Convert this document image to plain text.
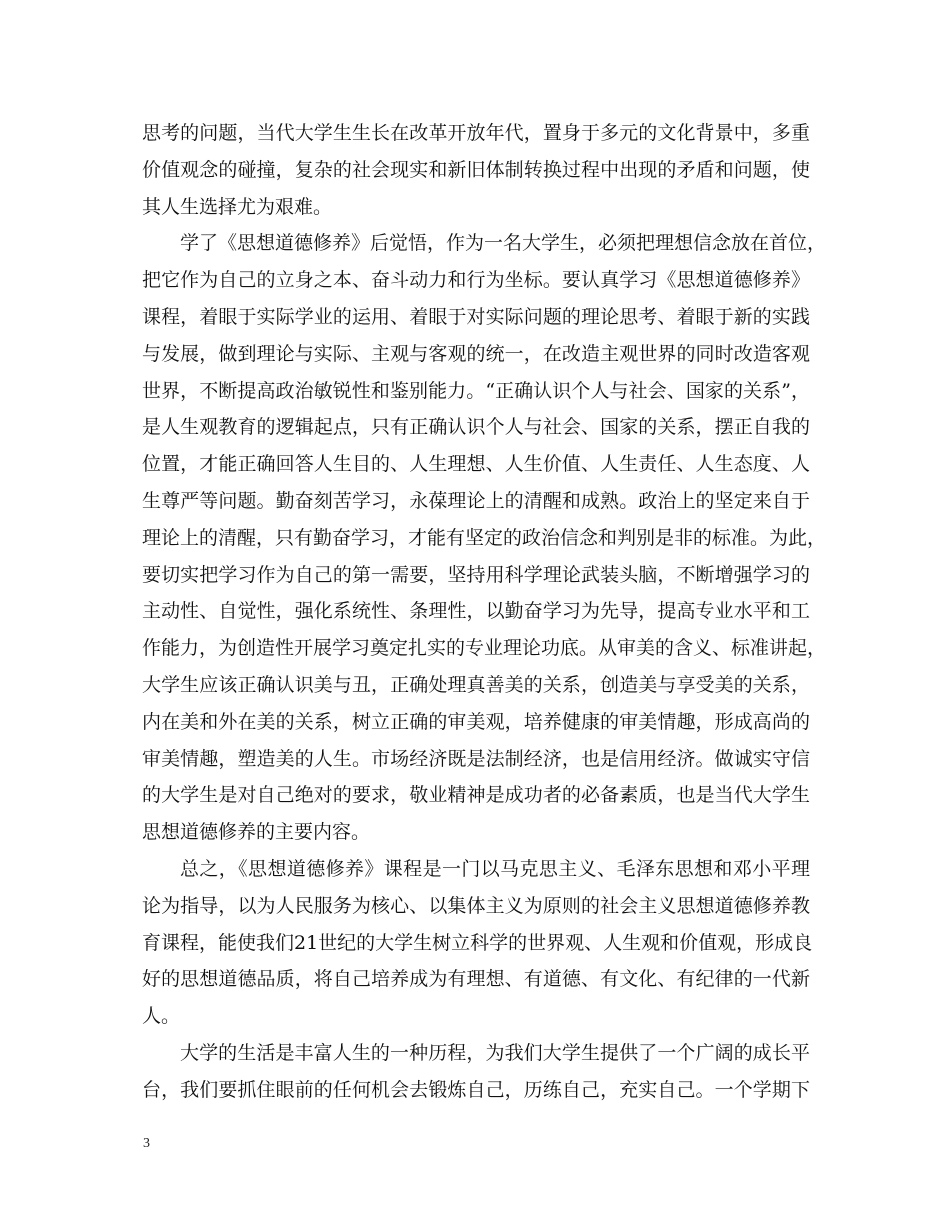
思考的问题，当代大学生生长在改革开放年代，置身于多元的文化背景中，多重
价值观念的碰撞，复杂的社会现实和新旧体制转换过程中出现的矛盾和问题，使
其人生选择尤为艰难。
学了《思想道德修养》后觉悟，作为一名大学生，必须把理想信念放在首位，
把它作为自己的立身之本、奋斗动力和行为坐标。要认真学习《思想道德修养》
课程，着眼于实际学业的运用、着眼于对实际问题的理论思考、着眼于新的实践
与发展，做到理论与实际、主观与客观的统一，在改造主观世界的同时改造客观
世界，不断提高政治敏锐性和鉴别能力。“正确认识个人与社会、国家的关系”，
是人生观教育的逻辑起点，只有正确认识个人与社会、国家的关系，摆正自我的
位置，才能正确回答人生目的、人生理想、人生价值、人生责任、人生态度、人
生尊严等问题。勤奋刻苦学习，永葆理论上的清醒和成熟。政治上的坚定来自于
理论上的清醒，只有勤奋学习，才能有坚定的政治信念和判别是非的标准。为此，
要切实把学习作为自己的第一需要，坚持用科学理论武装头脑，不断增强学习的
主动性、自觉性，强化系统性、条理性，以勤奋学习为先导，提高专业水平和工
作能力，为创造性开展学习奠定扎实的专业理论功底。从审美的含义、标准讲起，
大学生应该正确认识美与丑，正确处理真善美的关系，创造美与享受美的关系，
内在美和外在美的关系，树立正确的审美观，培养健康的审美情趣，形成高尚的
审美情趣，塑造美的人生。市场经济既是法制经济，也是信用经济。做诚实守信
的大学生是对自己绝对的要求，敬业精神是成功者的必备素质，也是当代大学生
思想道德修养的主要内容。
总之，《思想道德修养》课程是一门以马克思主义、毛泽东思想和邓小平理
论为指导，以为人民服务为核心、以集体主义为原则的社会主义思想道德修养教
育课程，能使我们21世纪的大学生树立科学的世界观、人生观和价值观，形成良
好的思想道德品质，将自己培养成为有理想、有道德、有文化、有纪律的一代新
人。
大学的生活是丰富人生的一种历程，为我们大学生提供了一个广阔的成长平
台，我们要抓住眼前的任何机会去锻炼自己，历练自己，充实自己。一个学期下
3
